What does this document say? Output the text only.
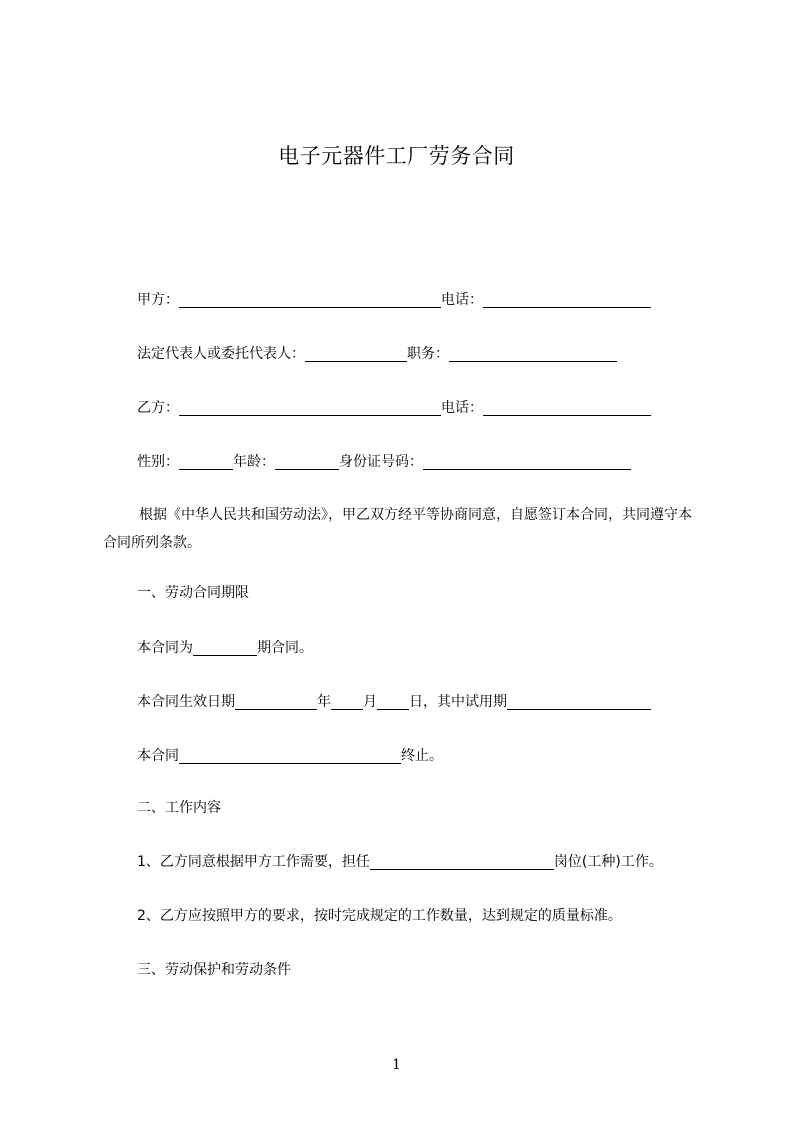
电子元器件工厂劳务合同
甲方：	电话：
法定代表人或委托代表人：	职务：
乙方：	电话：
性别：	年龄：	身份证号码：
根据《中华人民共和国劳动法》，甲乙双方经平等协商同意，自愿签订本合同，共同遵守本合同所列条款。
一、劳动合同期限
本合同为	期合同。
本合同生效日期	年 月 日，其中试用期
本合同	终止。
二、工作内容
1、乙方同意根据甲方工作需要，担任	岗位(工种)工作。
2、乙方应按照甲方的要求，按时完成规定的工作数量，达到规定的质量标准。
三、劳动保护和劳动条件
1
